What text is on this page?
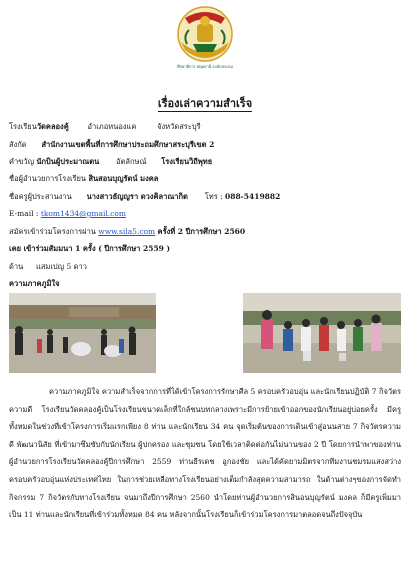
ศึกษาธิการ ปทุมธานี ระดับประถม
เรื่องเล่าความสำเร็จ
โรงเรียนวัดคลองคู้	อำเภอหนองแค	จังหวัดสระบุรี
สังกัด สำนักงานเขตพื้นที่การศึกษาประถมศึกษาสระบุรีเขต 2
คำขวัญ นักบินผู้ประมาณตน อัตลักษณ์ โรงเรียนวิถีพุทธ
ชื่อผู้อำนวยการโรงเรียน สินสอนบุญรัตน์ มงคล
ชื่อครูผู้ประสานงาน นางสาวธัญญรา ดวงคิลาณากิต โทร : 088-5419882
E-mail : tkom1434@gmail.com
สมัครเข้าร่วมโครงการผ่าน www.sila5.com ครั้งที่ 2 ปีการศึกษา 2560
เคย เข้าร่วมสัมมนา 1 ครั้ง ( ปีการศึกษา 2559 )
ด้าน แสมเปญ 5 ดาว
ความภาคภูมิใจ
ความภาคภูมิใจ ความสำเร็จจากการที่ได้เข้าโครงการรักษาศีล 5 ครอบครัวอบอุ่น และนักเรียนปฏิบัติ 7 กิจวัตรความดี โรงเรียนวัดคลองคู้เป็นโรงเรียนขนาดเล็กที่ใกล้ชนบทกลางเพราะมีการย้ายเข้าออกของนักเรียนอยู่บ่อยครั้ง มีครูทั้งหมดในช่วงที่เข้าโครงการเริ่มแรกเพียง 8 ท่าน และนักเรียน 34 คน จุดเริ่มต้นของการเดินเข้าสู่อนนสาย 7 กิจวัตรความดี พัฒนานิสัย ที่เข้ามาซึมซับกับนักเรียน ผู้ปกครอง และชุมชน โดยใช้เวลาติดต่อกันไม่นานของ 2 ปี โดยการนำพาของท่านผู้อำนวยการโรงเรียนวัดคลองคู้ปีการศึกษา 2559 ท่านธีรเดช อูกองชัย และได้คัดยามมิตรจากทีมงานชมรมแสงสว่างครอบครัวอบอุ่นแห่งประเทศไทย ในการช่วยเหลือทางโรงเรียนอย่างเต็มกำลังสุดความสามารถ ในด้านต่างๆของการจัดทำกิจกรรม 7 กิจวัตรกับทางโรงเรียน จนมาถึงปีการศึกษา 2560 นำโดยท่านผู้อำนวยการสินอนบุญรัตน์ มงคล ก็มีครูเพิ่มมาเป็น 11 ท่านและนักเรียนที่เข้าร่วมทั้งหมด 84 คน หลังจากนั้นโรงเรียนก็เข้าร่วมโครงการมาตลอดจนถึงปัจจุบัน
